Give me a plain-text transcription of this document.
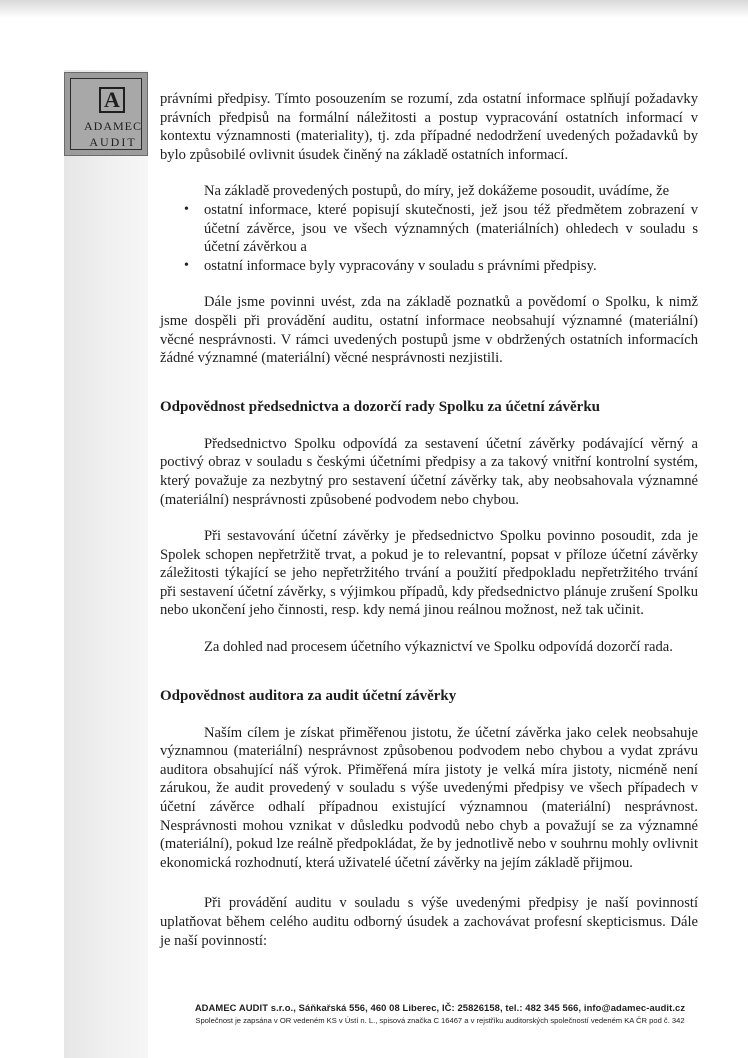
A
ADAMEC
AUDIT

právními předpisy. Tímto posouzením se rozumí, zda ostatní informace splňují požadavky právních předpisů na formální náležitosti a postup vypracování ostatních informací v kontextu významnosti (materiality), tj. zda případné nedodržení uvedených požadavků by bylo způsobilé ovlivnit úsudek činěný na základě ostatních informací.

Na základě provedených postupů, do míry, jež dokážeme posoudit, uvádíme, že

• ostatní informace, které popisují skutečnosti, jež jsou též předmětem zobrazení v účetní závěrce, jsou ve všech významných (materiálních) ohledech v souladu s účetní závěrkou a
• ostatní informace byly vypracovány v souladu s právními předpisy.

Dále jsme povinni uvést, zda na základě poznatků a povědomí o Spolku, k nimž jsme dospěli při provádění auditu, ostatní informace neobsahují významné (materiální) věcné nesprávnosti. V rámci uvedených postupů jsme v obdržených ostatních informacích žádné významné (materiální) věcné nesprávnosti nezjistili.

Odpovědnost předsednictva a dozorčí rady Spolku za účetní závěrku

Předsednictvo Spolku odpovídá za sestavení účetní závěrky podávající věrný a poctivý obraz v souladu s českými účetními předpisy a za takový vnitřní kontrolní systém, který považuje za nezbytný pro sestavení účetní závěrky tak, aby neobsahovala významné (materiální) nesprávnosti způsobené podvodem nebo chybou.

Při sestavování účetní závěrky je předsednictvo Spolku povinno posoudit, zda je Spolek schopen nepřetržitě trvat, a pokud je to relevantní, popsat v příloze účetní závěrky záležitosti týkající se jeho nepřetržitého trvání a použití předpokladu nepřetržitého trvání při sestavení účetní závěrky, s výjimkou případů, kdy předsednictvo plánuje zrušení Spolku nebo ukončení jeho činnosti, resp. kdy nemá jinou reálnou možnost, než tak učinit.

Za dohled nad procesem účetního výkaznictví ve Spolku odpovídá dozorčí rada.

Odpovědnost auditora za audit účetní závěrky

Naším cílem je získat přiměřenou jistotu, že účetní závěrka jako celek neobsahuje významnou (materiální) nesprávnost způsobenou podvodem nebo chybou a vydat zprávu auditora obsahující náš výrok. Přiměřená míra jistoty je velká míra jistoty, nicméně není zárukou, že audit provedený v souladu s výše uvedenými předpisy ve všech případech v účetní závěrce odhalí případnou existující významnou (materiální) nesprávnost. Nesprávnosti mohou vznikat v důsledku podvodů nebo chyb a považují se za významné (materiální), pokud lze reálně předpokládat, že by jednotlivě nebo v souhrnu mohly ovlivnit ekonomická rozhodnutí, která uživatelé účetní závěrky na jejím základě přijmou.

Při provádění auditu v souladu s výše uvedenými předpisy je naší povinností uplatňovat během celého auditu odborný úsudek a zachovávat profesní skepticismus. Dále je naší povinností:

ADAMEC AUDIT s.r.o., Sáňkařská 556, 460 08 Liberec, IČ: 25826158, tel.: 482 345 566, info@adamec-audit.cz
Společnost je zapsána v OR vedeném KS v Ústí n. L., spisová značka C 16467 a v rejstříku auditorských společností vedeném KA ČR pod č. 342
